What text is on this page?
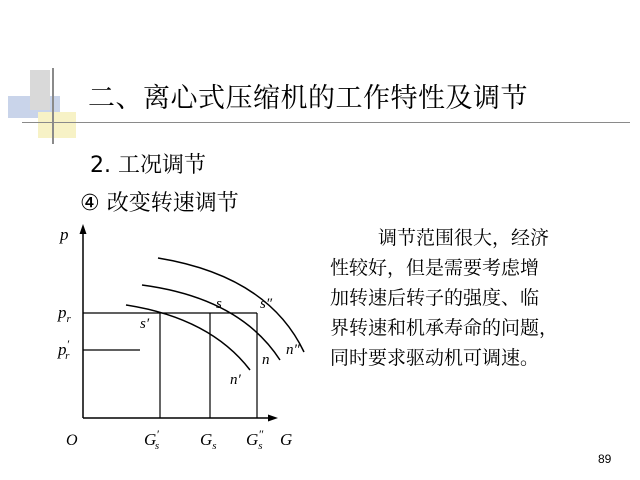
二、离心式压缩机的工作特性及调节
2. 工况调节
④ 改变转速调节
p
G
O
$p_r$
p′ r
G′ s $G_s$ G″ s
s′
s	s″
n
n′
n″
调节范围很大，经济
性较好，但是需要考虑增
加转速后转子的强度、临
界转速和机承寿命的问题，
同时要求驱动机可调速。
89
